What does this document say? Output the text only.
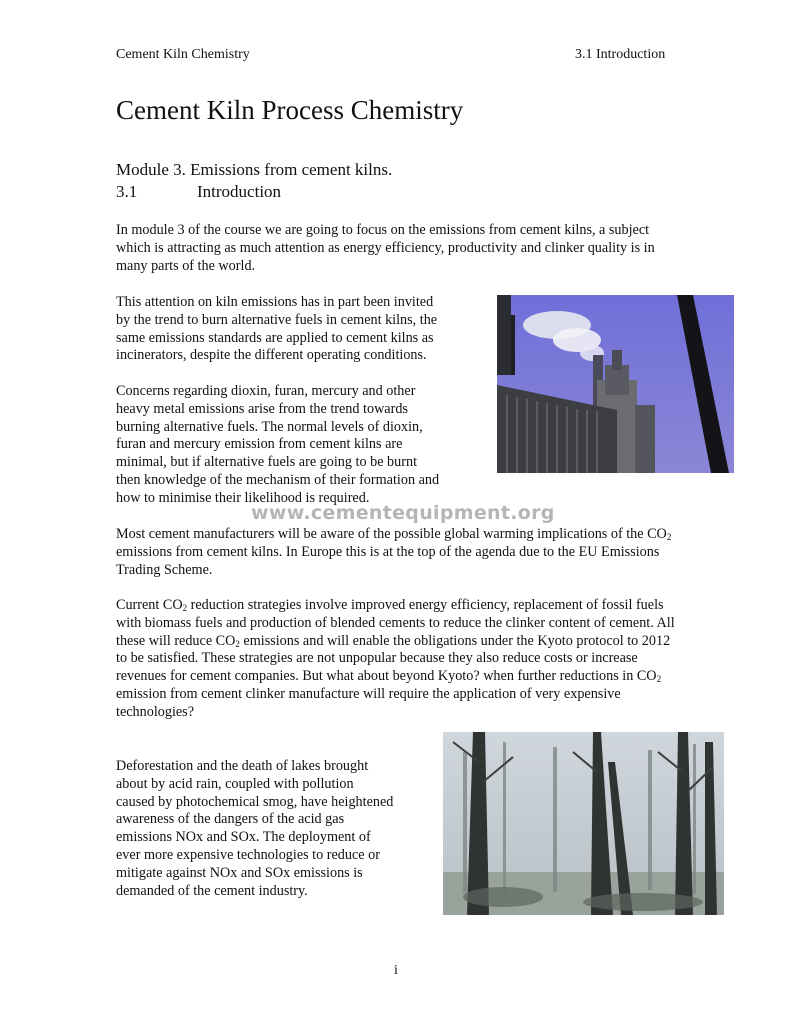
Cement Kiln Chemistry	3.1 Introduction
Cement Kiln Process Chemistry
Module 3. Emissions from cement kilns.
3.1	Introduction

In module 3 of the course we are going to focus on the emissions from cement kilns, a subject which is attracting as much attention as energy efficiency, productivity and clinker quality is in many parts of the world.

This attention on kiln emissions has in part been invited

by the trend to burn alternative fuels in cement kilns, the

same emissions standards are applied to cement kilns as

incinerators, despite the different operating conditions.

Concerns regarding dioxin, furan, mercury and other

heavy metal emissions arise from the trend towards

burning alternative fuels. The normal levels of dioxin,

furan and mercury emission from cement kilns are

minimal, but if alternative fuels are going to be burnt

then knowledge of the mechanism of their formation and

how to minimise their likelihood is required.

www.cementequipment.org

Most cement manufacturers will be aware of the possible global warming implications of the $CO_2$ emissions from cement kilns. In Europe this is at the top of the agenda due to the EU Emissions Trading Scheme.

Current $CO_2$ reduction strategies involve improved energy efficiency, replacement of fossil fuels with biomass fuels and production of blended cements to reduce the clinker content of cement. All these will reduce $CO_2$ emissions and will enable the obligations under the Kyoto protocol to 2012 to be satisfied. These strategies are not unpopular because they also reduce costs or increase revenues for cement companies. But what about beyond Kyoto? when further reductions in $CO_2$ emission from cement clinker manufacture will require the application of very expensive technologies?

Deforestation and the death of lakes brought

about by acid rain, coupled with pollution

caused by photochemical smog, have heightened

awareness of the dangers of the acid gas

emissions NOx and SOx. The deployment of

ever more expensive technologies to reduce or

mitigate against NOx and SOx emissions is

demanded of the cement industry.

i
